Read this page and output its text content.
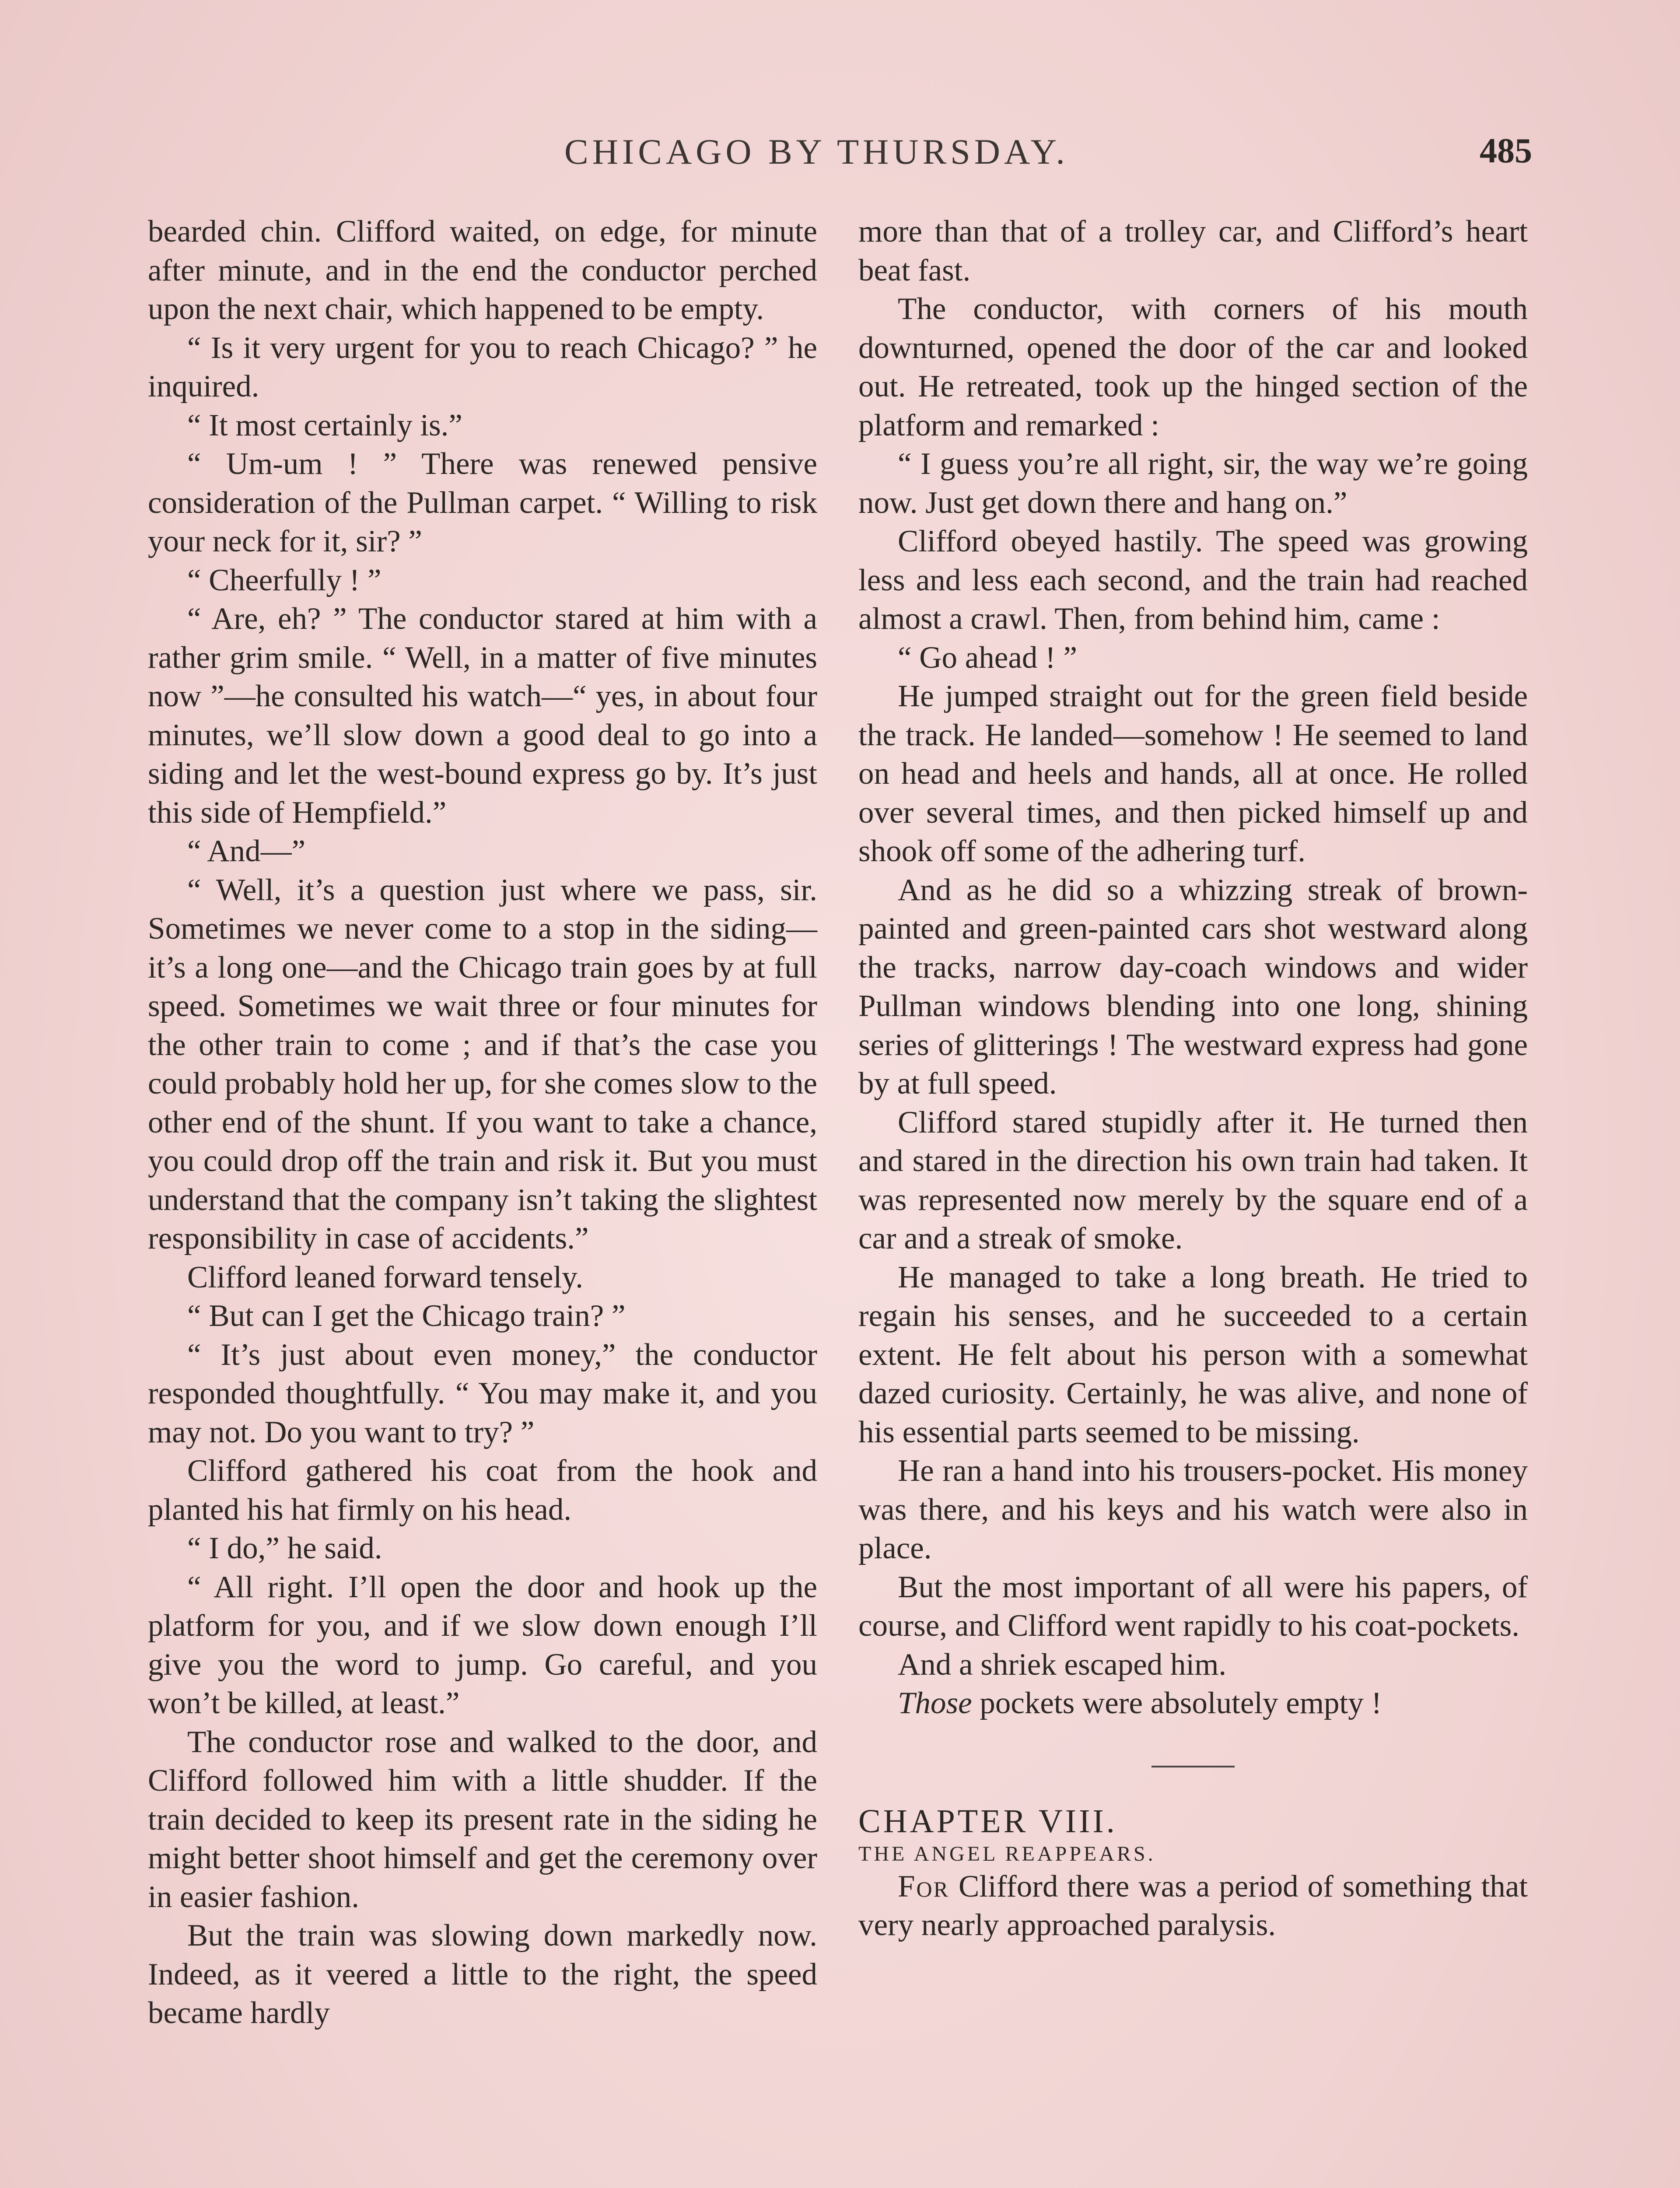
CHICAGO BY THURSDAY.	485

bearded chin. Clifford waited, on edge, for minute after minute, and in the end the conductor perched upon the next chair, which happened to be empty.

“ Is it very urgent for you to reach Chicago? ” he inquired.

“ It most certainly is.”

“ Um-um ! ” There was renewed pensive consideration of the Pullman carpet. “ Willing to risk your neck for it, sir? ”

“ Cheerfully ! ”

“ Are, eh? ” The conductor stared at him with a rather grim smile. “ Well, in a matter of five minutes now ”—he consulted his watch—“ yes, in about four minutes, we’ll slow down a good deal to go into a siding and let the west-bound express go by. It’s just this side of Hempfield.”

“ And—”

“ Well, it’s a question just where we pass, sir. Sometimes we never come to a stop in the siding—it’s a long one—and the Chicago train goes by at full speed. Sometimes we wait three or four minutes for the other train to come ; and if that’s the case you could probably hold her up, for she comes slow to the other end of the shunt. If you want to take a chance, you could drop off the train and risk it. But you must understand that the company isn’t taking the slightest responsibility in case of accidents.”

Clifford leaned forward tensely.

“ But can I get the Chicago train? ”

“ It’s just about even money,” the conductor responded thoughtfully. “ You may make it, and you may not. Do you want to try? ”

Clifford gathered his coat from the hook and planted his hat firmly on his head.

“ I do,” he said.

“ All right. I’ll open the door and hook up the platform for you, and if we slow down enough I’ll give you the word to jump. Go careful, and you won’t be killed, at least.”

The conductor rose and walked to the door, and Clifford followed him with a little shudder. If the train decided to keep its present rate in the siding he might better shoot himself and get the ceremony over in easier fashion.

But the train was slowing down markedly now. Indeed, as it veered a little to the right, the speed became hardly

more than that of a trolley car, and Clifford’s heart beat fast.

The conductor, with corners of his mouth downturned, opened the door of the car and looked out. He retreated, took up the hinged section of the platform and remarked :

“ I guess you’re all right, sir, the way we’re going now. Just get down there and hang on.”

Clifford obeyed hastily. The speed was growing less and less each second, and the train had reached almost a crawl. Then, from behind him, came :

“ Go ahead ! ”

He jumped straight out for the green field beside the track. He landed—somehow ! He seemed to land on head and heels and hands, all at once. He rolled over several times, and then picked himself up and shook off some of the adhering turf.

And as he did so a whizzing streak of brown-painted and green-painted cars shot westward along the tracks, narrow day-coach windows and wider Pullman windows blending into one long, shining series of glitterings ! The westward express had gone by at full speed.

Clifford stared stupidly after it. He turned then and stared in the direction his own train had taken. It was represented now merely by the square end of a car and a streak of smoke.

He managed to take a long breath. He tried to regain his senses, and he succeeded to a certain extent. He felt about his person with a somewhat dazed curiosity. Certainly, he was alive, and none of his essential parts seemed to be missing.

He ran a hand into his trousers-pocket. His money was there, and his keys and his watch were also in place.

But the most important of all were his papers, of course, and Clifford went rapidly to his coat-pockets.

And a shriek escaped him.

Those pockets were absolutely empty !

CHAPTER VIII.

THE ANGEL REAPPEARS.

For Clifford there was a period of something that very nearly approached paralysis.
